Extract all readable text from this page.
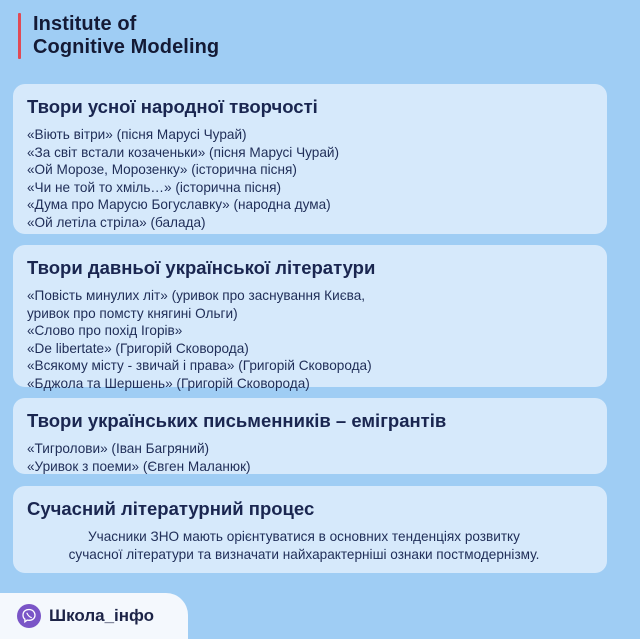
Institute of
Cognitive Modeling
Твори усної народної творчості
«Віють вітри» (пісня Марусі Чурай)
«За світ встали козаченьки» (пісня Марусі Чурай)
«Ой Морозе, Морозенку» (історична пісня)
«Чи не той то хміль…» (історична пісня)
«Дума про Марусю Богуславку» (народна дума)
«Ой летіла стріла» (балада)
Твори давньої української літератури
«Повість минулих літ» (уривок про заснування Києва,
уривок про помсту княгині Ольги)
«Слово про похід Ігорів»
«De libertate» (Григорій Сковорода)
«Всякому місту - звичай і права» (Григорій Сковорода)
«Бджола та Шершень» (Григорій Сковорода)
Твори українських письменників – емігрантів
«Тигролови» (Іван Багряний)
«Уривок з поеми» (Євген Маланюк)
Сучасний літературний процес
Учасники ЗНО мають орієнтуватися в основних тенденціях розвитку
сучасної літератури та визначати найхарактерніші ознаки постмодернізму.
Школа_інфо
